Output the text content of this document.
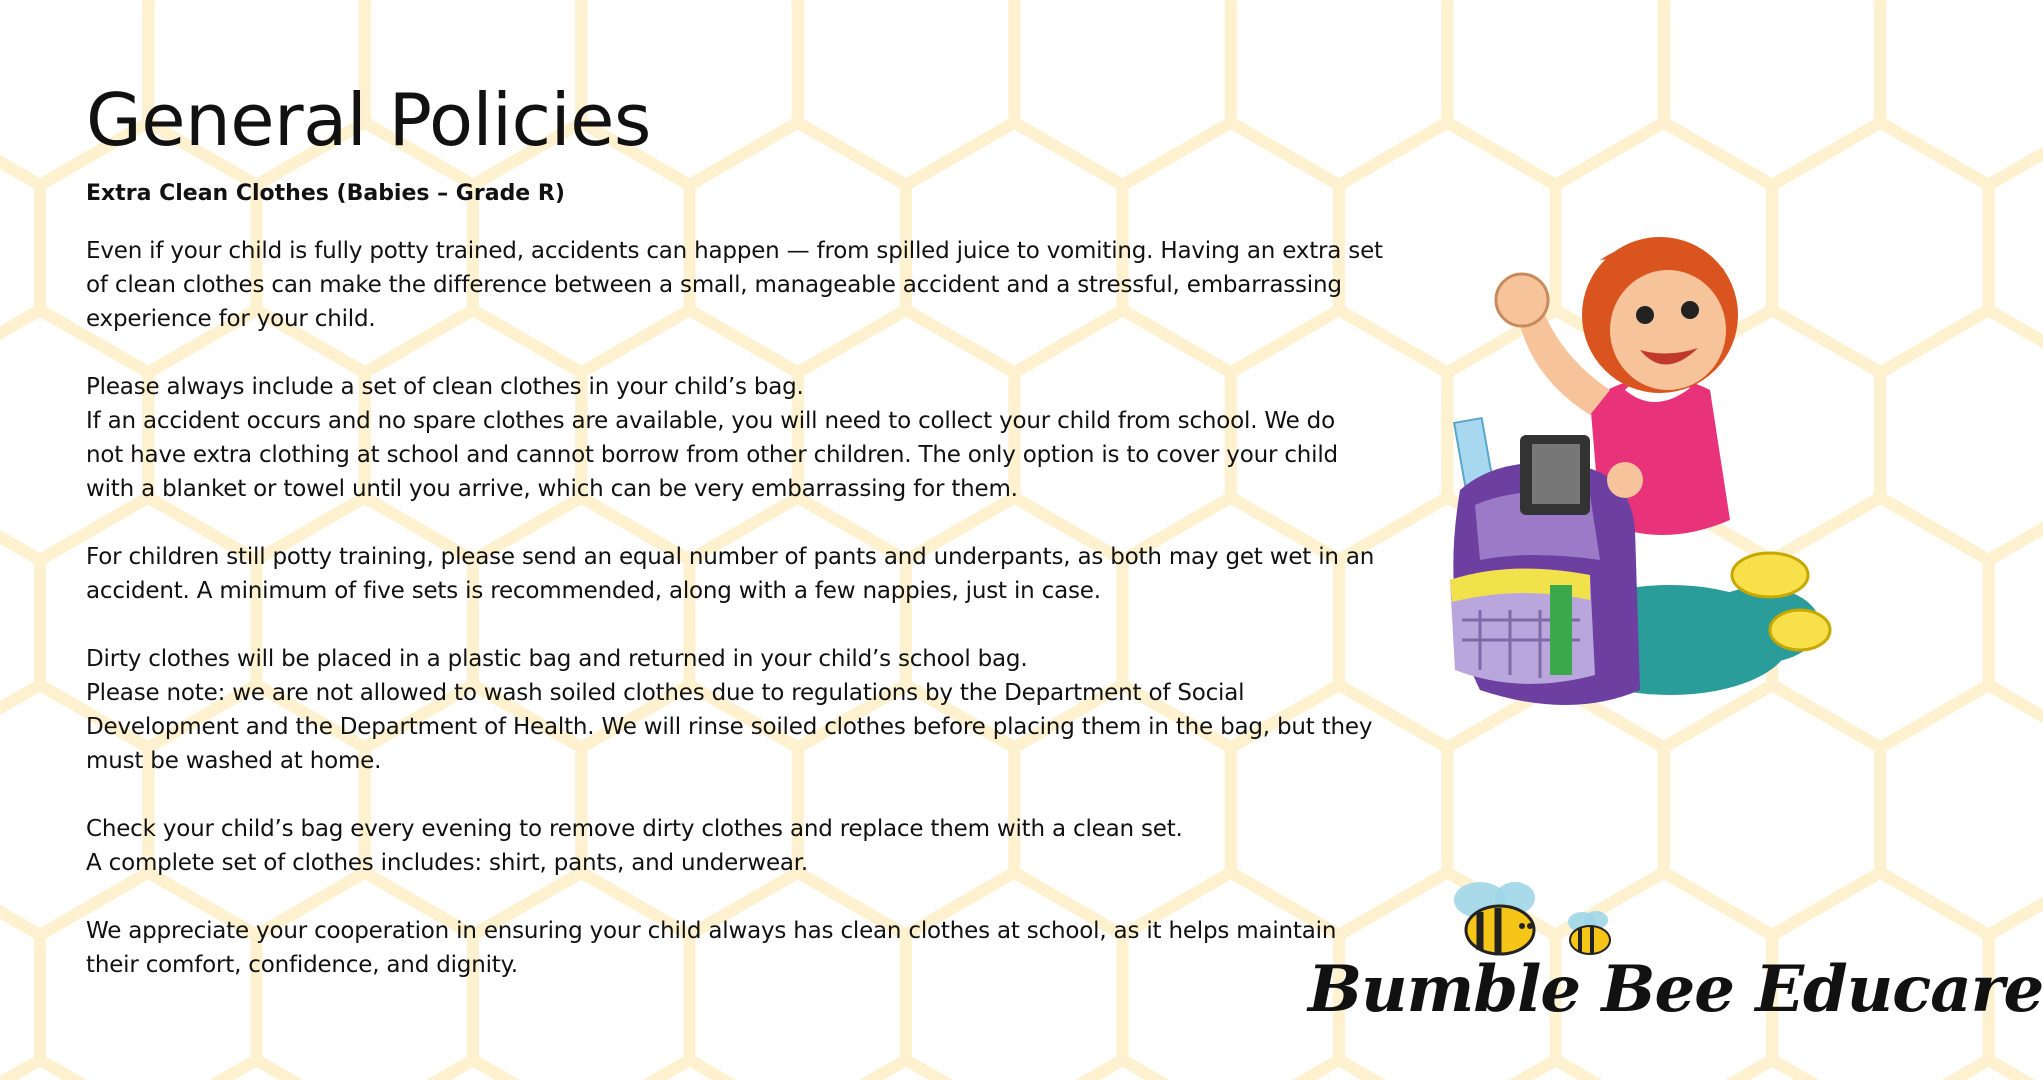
General Policies
Extra Clean Clothes (Babies – Grade R)
Even if your child is fully potty trained, accidents can happen — from spilled juice to vomiting. Having an extra set
of clean clothes can make the difference between a small, manageable accident and a stressful, embarrassing
experience for your child.
Please always include a set of clean clothes in your child’s bag.
If an accident occurs and no spare clothes are available, you will need to collect your child from school. We do
not have extra clothing at school and cannot borrow from other children. The only option is to cover your child
with a blanket or towel until you arrive, which can be very embarrassing for them.
For children still potty training, please send an equal number of pants and underpants, as both may get wet in an
accident. A minimum of five sets is recommended, along with a few nappies, just in case.
Dirty clothes will be placed in a plastic bag and returned in your child’s school bag.
Please note: we are not allowed to wash soiled clothes due to regulations by the Department of Social
Development and the Department of Health. We will rinse soiled clothes before placing them in the bag, but they
must be washed at home.
Check your child’s bag every evening to remove dirty clothes and replace them with a clean set.
A complete set of clothes includes: shirt, pants, and underwear.
We appreciate your cooperation in ensuring your child always has clean clothes at school, as it helps maintain
their comfort, confidence, and dignity.	Bumble Bee Educare
